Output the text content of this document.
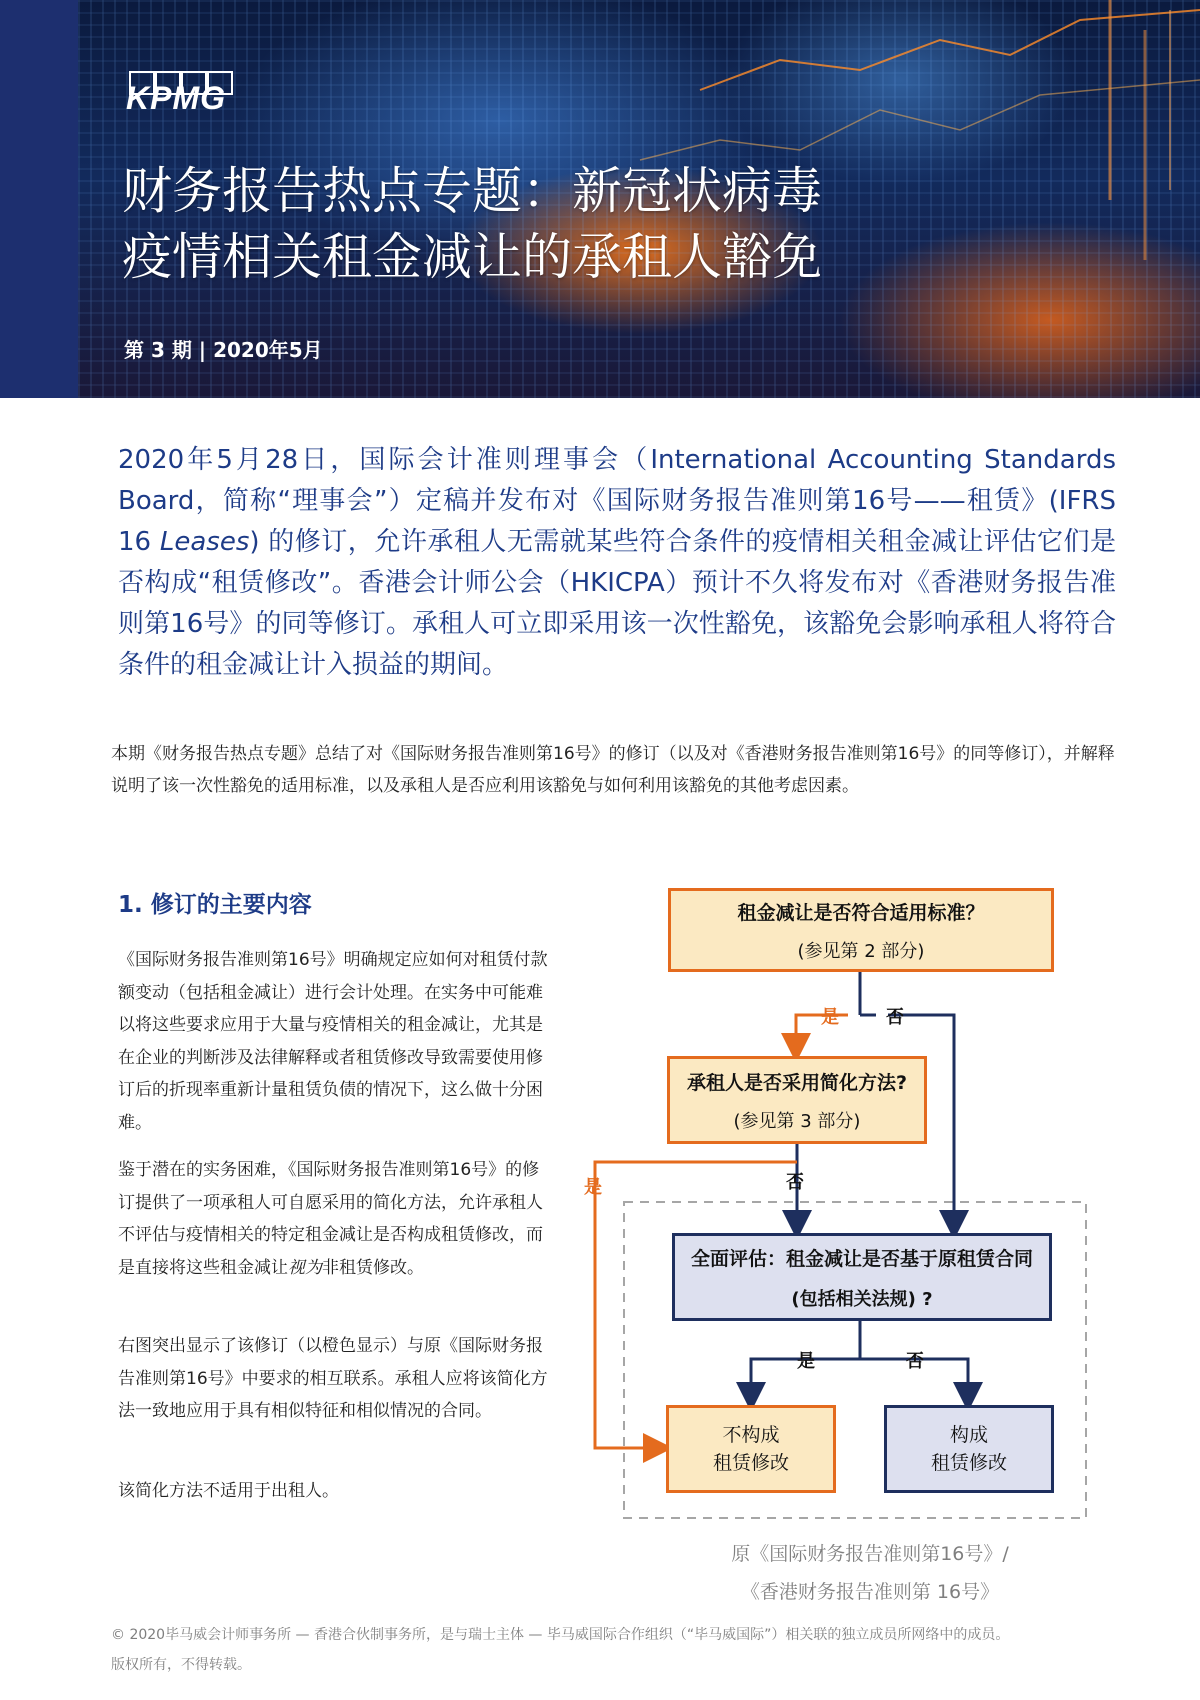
KPMG
财务报告热点专题：新冠状病毒
疫情相关租金减让的承租人豁免
第 3 期 | 2020年5月
2020年5月28日，国际会计准则理事会（International Accounting Standards Board，简称“理事会”）定稿并发布对《国际财务报告准则第16号——租赁》(IFRS 16 Leases) 的修订，允许承租人无需就某些符合条件的疫情相关租金减让评估它们是否构成“租赁修改”。香港会计师公会（HKICPA）预计不久将发布对《香港财务报告准则第16号》的同等修订。承租人可立即采用该一次性豁免，该豁免会影响承租人将符合条件的租金减让计入损益的期间。
本期《财务报告热点专题》总结了对《国际财务报告准则第16号》的修订（以及对《香港财务报告准则第16号》的同等修订），并解释说明了该一次性豁免的适用标准，以及承租人是否应利用该豁免与如何利用该豁免的其他考虑因素。
1. 修订的主要内容
《国际财务报告准则第16号》明确规定应如何对租赁付款额变动（包括租金减让）进行会计处理。在实务中可能难以将这些要求应用于大量与疫情相关的租金减让，尤其是在企业的判断涉及法律解释或者租赁修改导致需要使用修订后的折现率重新计量租赁负债的情况下，这么做十分困难。
鉴于潜在的实务困难，《国际财务报告准则第16号》的修订提供了一项承租人可自愿采用的简化方法，允许承租人不评估与疫情相关的特定租金减让是否构成租赁修改，而是直接将这些租金减让视为非租赁修改。
右图突出显示了该修订（以橙色显示）与原《国际财务报告准则第16号》中要求的相互联系。承租人应将该简化方法一致地应用于具有相似特征和相似情况的合同。
该简化方法不适用于出租人。
租金减让是否符合适用标准？
(参见第 2 部分)
承租人是否采用简化方法?
(参见第 3 部分)
全面评估：租金减让是否基于原租赁合同
(包括相关法规) ?
不构成
租赁修改
构成
租赁修改
是	否
是	否
是	否
原《国际财务报告准则第16号》/
《香港财务报告准则第 16号》
© 2020毕马威会计师事务所 — 香港合伙制事务所，是与瑞士主体 — 毕马威国际合作组织（“毕马威国际”）相关联的独立成员所网络中的成员。
版权所有，不得转载。
